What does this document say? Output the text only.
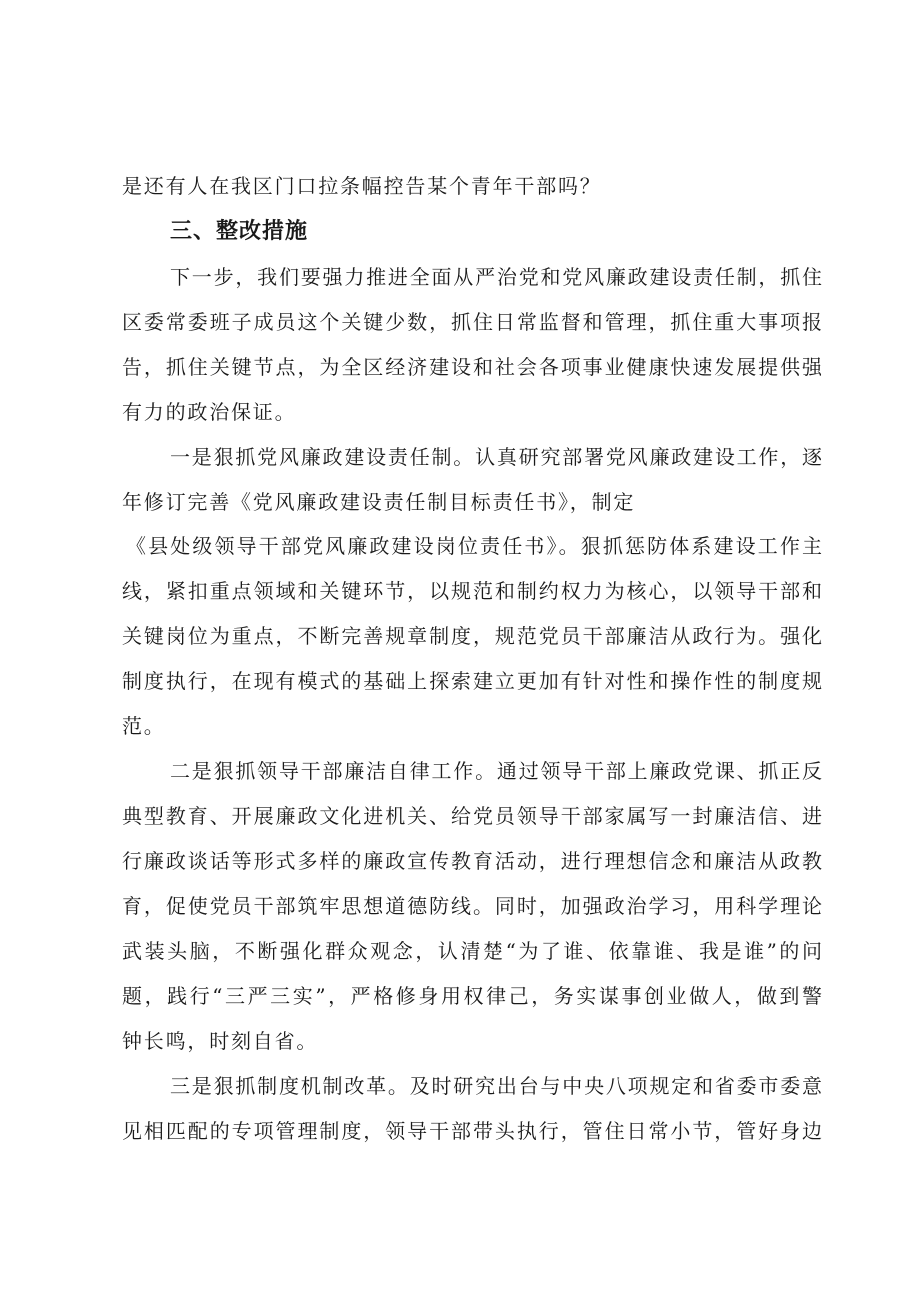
是还有人在我区门口拉条幅控告某个青年干部吗？
三、整改措施
下一步，我们要强力推进全面从严治党和党风廉政建设责任制，抓住
区委常委班子成员这个关键少数，抓住日常监督和管理，抓住重大事项报
告，抓住关键节点，为全区经济建设和社会各项事业健康快速发展提供强
有力的政治保证。
一是狠抓党风廉政建设责任制。认真研究部署党风廉政建设工作，逐
年修订完善《党风廉政建设责任制目标责任书》，制定
《县处级领导干部党风廉政建设岗位责任书》。狠抓惩防体系建设工作主
线，紧扣重点领域和关键环节，以规范和制约权力为核心，以领导干部和
关键岗位为重点，不断完善规章制度，规范党员干部廉洁从政行为。强化
制度执行，在现有模式的基础上探索建立更加有针对性和操作性的制度规
范。
二是狠抓领导干部廉洁自律工作。通过领导干部上廉政党课、抓正反
典型教育、开展廉政文化进机关、给党员领导干部家属写一封廉洁信、进
行廉政谈话等形式多样的廉政宣传教育活动，进行理想信念和廉洁从政教
育，促使党员干部筑牢思想道德防线。同时，加强政治学习，用科学理论
武装头脑，不断强化群众观念，认清楚“为了谁、依靠谁、我是谁”的问
题，践行“三严三实”，严格修身用权律己，务实谋事创业做人，做到警
钟长鸣，时刻自省。
三是狠抓制度机制改革。及时研究出台与中央八项规定和省委市委意
见相匹配的专项管理制度，领导干部带头执行，管住日常小节，管好身边
